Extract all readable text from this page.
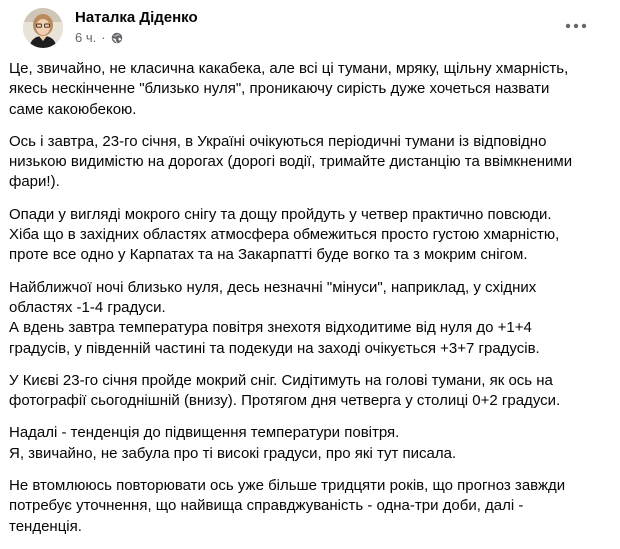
Наталка Діденко
6 ч. ·
Це, звичайно, не класична какабека, але всі ці тумани, мряку, щільну хмарність,
якесь нескінченне "близько нуля", проникаючу сирість дуже хочеться назвати
саме какоюбекою.
Ось і завтра, 23-го січня, в Україні очікуються періодичні тумани із відповідно
низькою видимістю на дорогах (дорогі водії, тримайте дистанцію та ввімкненими
фари!).
Опади у вигляді мокрого снігу та дощу пройдуть у четвер практично повсюди.
Хіба що в західних областях атмосфера обмежиться просто густою хмарністю,
проте все одно у Карпатах та на Закарпатті буде вогко та з мокрим снігом.
Найближчої ночі близько нуля, десь незначні "мінуси", наприклад, у східних
областях -1-4 градуси.
А вдень завтра температура повітря знехотя відходитиме від нуля до +1+4
градусів, у південній частині та подекуди на заході очікується +3+7 градусів.
У Києві 23-го січня пройде мокрий сніг. Сидітимуть на голові тумани, як ось на
фотографії сьогоднішній (внизу). Протягом дня четверга у столиці 0+2 градуси.
Надалі - тенденція до підвищення температури повітря.
Я, звичайно, не забула про ті високі градуси, про які тут писала.
Не втомлююсь повторювати ось уже більше тридцяти років, що прогноз завжди
потребує уточнення, що найвища справджуваність - одна-три доби, далі -
тенденція.
